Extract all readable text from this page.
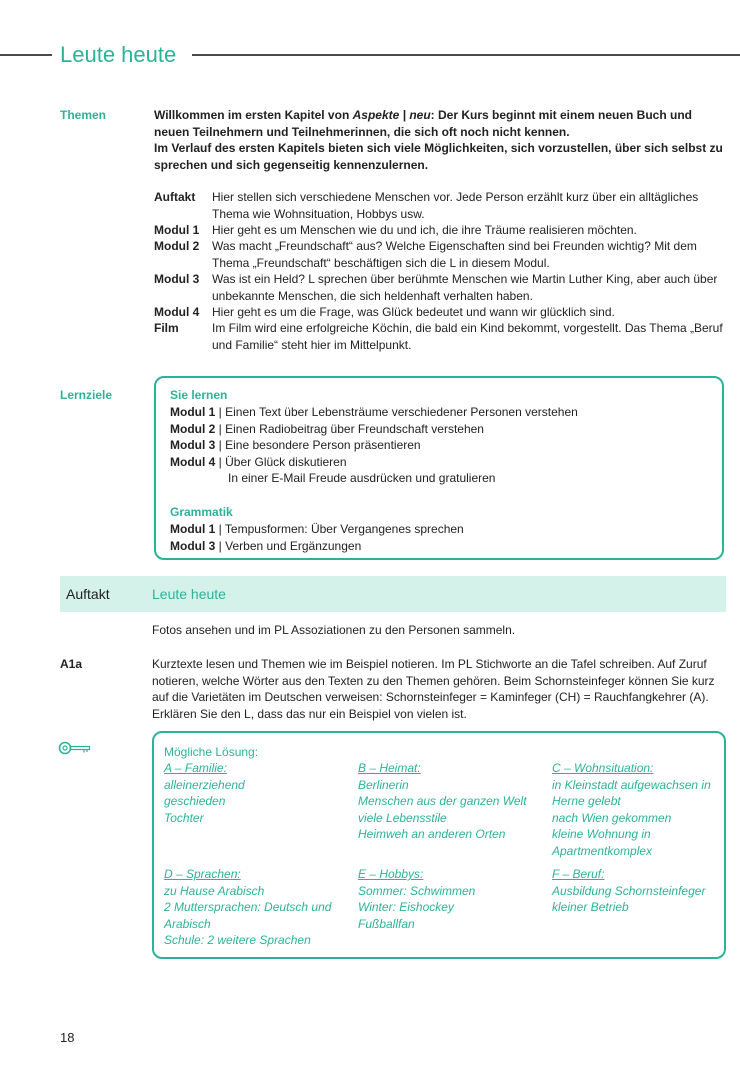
Leute heute
Themen	Willkommen im ersten Kapitel von Aspekte | neu: Der Kurs beginnt mit einem neuen Buch und neuen Teilnehmern und Teilnehmerinnen, die sich oft noch nicht kennen.
Im Verlauf des ersten Kapitels bieten sich viele Möglichkeiten, sich vorzustellen, über sich selbst zu sprechen und sich gegenseitig kennenzulernen.
Auftakt	Hier stellen sich verschiedene Menschen vor. Jede Person erzählt kurz über ein alltägliches Thema wie Wohnsituation, Hobbys usw.
Modul 1	Hier geht es um Menschen wie du und ich, die ihre Träume realisieren möchten.
Modul 2	Was macht „Freundschaft“ aus? Welche Eigenschaften sind bei Freunden wichtig? Mit dem Thema „Freundschaft“ beschäftigen sich die L in diesem Modul.
Modul 3	Was ist ein Held? L sprechen über berühmte Menschen wie Martin Luther King, aber auch über unbekannte Menschen, die sich heldenhaft verhalten haben.
Modul 4	Hier geht es um die Frage, was Glück bedeutet und wann wir glücklich sind.
Film	Im Film wird eine erfolgreiche Köchin, die bald ein Kind bekommt, vorgestellt. Das Thema „Beruf und Familie“ steht hier im Mittelpunkt.
Lernziele	Sie lernen
Modul 1 | Einen Text über Lebensträume verschiedener Personen verstehen
Modul 2 | Einen Radiobeitrag über Freundschaft verstehen
Modul 3 | Eine besondere Person präsentieren
Modul 4 | Über Glück diskutieren
In einer E-Mail Freude ausdrücken und gratulieren
Grammatik
Modul 1 | Tempusformen: Über Vergangenes sprechen
Modul 3 | Verben und Ergänzungen
Auftakt	Leute heute
Fotos ansehen und im PL Assoziationen zu den Personen sammeln.
A1a	Kurztexte lesen und Themen wie im Beispiel notieren. Im PL Stichworte an die Tafel schreiben. Auf Zuruf notieren, welche Wörter aus den Texten zu den Themen gehören. Beim Schornsteinfeger können Sie kurz auf die Varietäten im Deutschen verweisen: Schornsteinfeger = Kaminfeger (CH) = Rauchfangkehrer (A). Erklären Sie den L, dass das nur ein Beispiel von vielen ist.
Mögliche Lösung:
A – Familie:
alleinerziehend
geschieden
Tochter
B – Heimat:
Berlinerin
Menschen aus der ganzen Welt
viele Lebensstile
Heimweh an anderen Orten
C – Wohnsituation:
in Kleinstadt aufgewachsen in
Herne gelebt
nach Wien gekommen
kleine Wohnung in
Apartmentkomplex
D – Sprachen:
zu Hause Arabisch
2 Muttersprachen: Deutsch und
Arabisch
Schule: 2 weitere Sprachen
E – Hobbys:
Sommer: Schwimmen
Winter: Eishockey
Fußballfan
F – Beruf:
Ausbildung Schornsteinfeger
kleiner Betrieb
18
